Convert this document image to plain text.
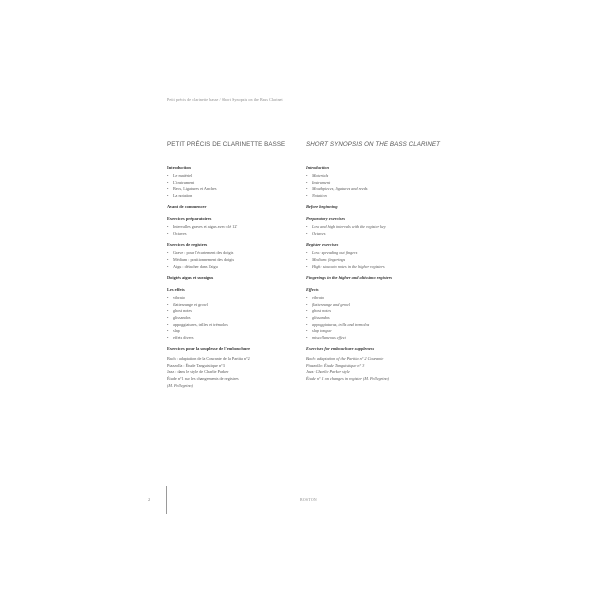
Petit précis de clarinette basse / Short Synopsis on the Bass Clarinet
PETIT PRÉCIS DE CLARINETTE BASSE
Introduction
• Le matériel
• L'instrument
• Becs, Ligatures et Anches
• La notation
Avant de commencer
Exercices préparatoires
• Intervalles graves et aigus avec clé 12'
• Octaves
Exercices de registres
• Grave : pour l'écartement des doigts
• Médium : positionnement des doigts
• Aigu : détacher dans l'aigu
Doigtés aigus et suraigus
Les effets
• vibrato
• flatterzunge et growl
• ghost notes
• glissandos
• appoggiatures, trilles et trémolos
• slap
• effets divers
Exercices pour la souplesse de l'embouchure
Bach : adaptation de la Courante de la Partita n°2
Piazzolla : Étude Tanguistique n°3
Jazz : dans le style de Charlie Parker
Étude n°1 sur les changements de registres
(M. Pellegrino)
SHORT SYNOPSIS ON THE BASS CLARINET
Introduction
• Materials
• Instrument
• Mouthpieces, ligatures and reeds
• Notation
Before beginning
Preparatory exercises
• Low and high intervals with the register key
• Octaves
Register exercises
• Low: spreading out fingers
• Medium: fingerings
• High: staccato notes in the higher registers
Fingerings in the higher and altissimo registers
Effects
• vibrato
• flatterzunge and growl
• ghost notes
• glissandos
• appoggiaturas, trills and tremolos
• slap tongue
• miscellaneous effect
Exercises for embouchure suppleness
Bach: adaptation of the Partita n° 2 Courante
Piazzolla: Étude Tanguistique n° 3
Jazz: Charlie Parker style
Étude n° 1 on changes in register (M. Pellegrino)
2	BOSTON
